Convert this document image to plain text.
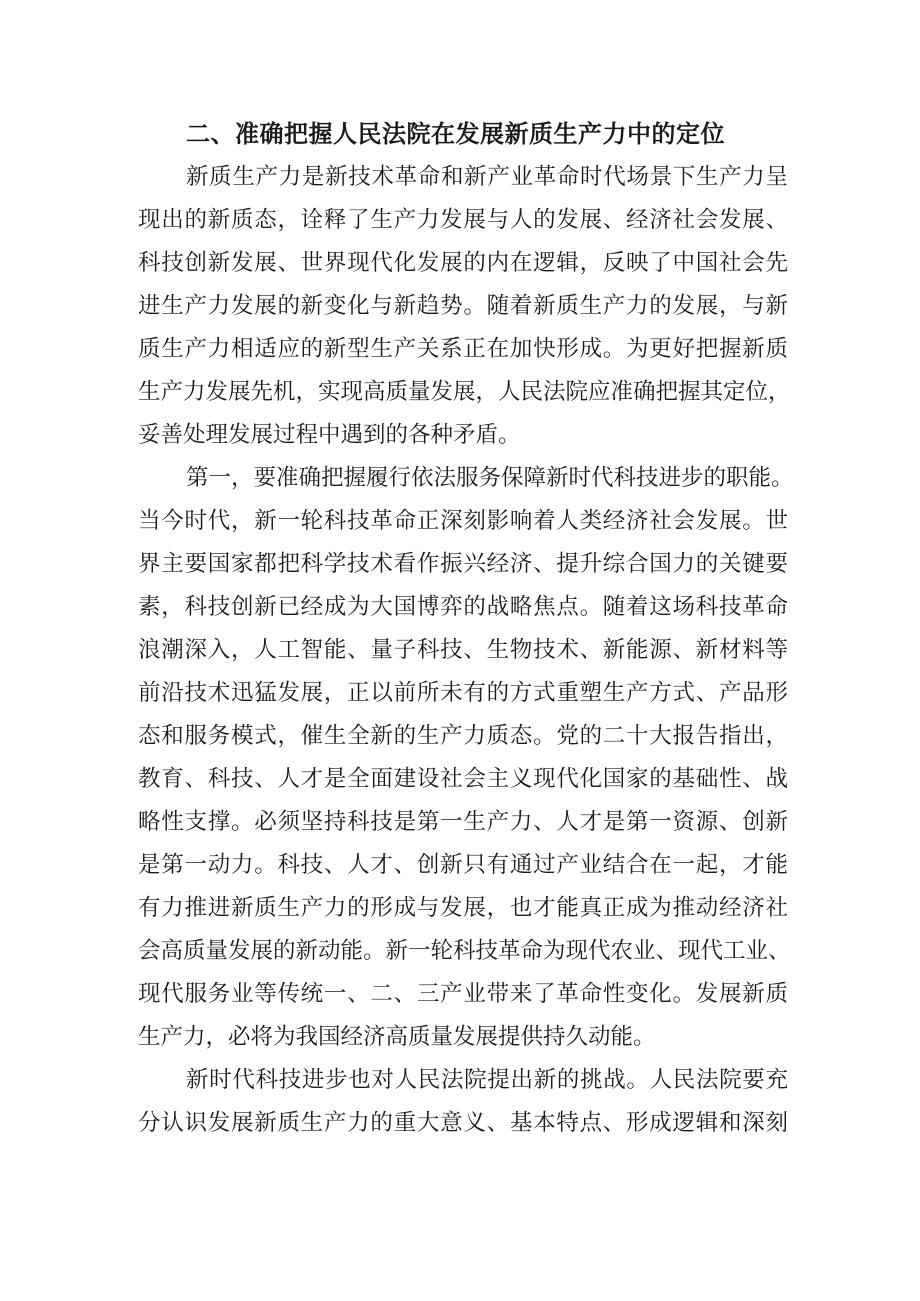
二、准确把握人民法院在发展新质生产力中的定位
新质生产力是新技术革命和新产业革命时代场景下生产力呈
现出的新质态，诠释了生产力发展与人的发展、经济社会发展、
科技创新发展、世界现代化发展的内在逻辑，反映了中国社会先
进生产力发展的新变化与新趋势。随着新质生产力的发展，与新
质生产力相适应的新型生产关系正在加快形成。为更好把握新质
生产力发展先机，实现高质量发展，人民法院应准确把握其定位，
妥善处理发展过程中遇到的各种矛盾。
第一，要准确把握履行依法服务保障新时代科技进步的职能。
当今时代，新一轮科技革命正深刻影响着人类经济社会发展。世
界主要国家都把科学技术看作振兴经济、提升综合国力的关键要
素，科技创新已经成为大国博弈的战略焦点。随着这场科技革命
浪潮深入，人工智能、量子科技、生物技术、新能源、新材料等
前沿技术迅猛发展，正以前所未有的方式重塑生产方式、产品形
态和服务模式，催生全新的生产力质态。党的二十大报告指出，
教育、科技、人才是全面建设社会主义现代化国家的基础性、战
略性支撑。必须坚持科技是第一生产力、人才是第一资源、创新
是第一动力。科技、人才、创新只有通过产业结合在一起，才能
有力推进新质生产力的形成与发展，也才能真正成为推动经济社
会高质量发展的新动能。新一轮科技革命为现代农业、现代工业、
现代服务业等传统一、二、三产业带来了革命性变化。发展新质
生产力，必将为我国经济高质量发展提供持久动能。
新时代科技进步也对人民法院提出新的挑战。人民法院要充
分认识发展新质生产力的重大意义、基本特点、形成逻辑和深刻
